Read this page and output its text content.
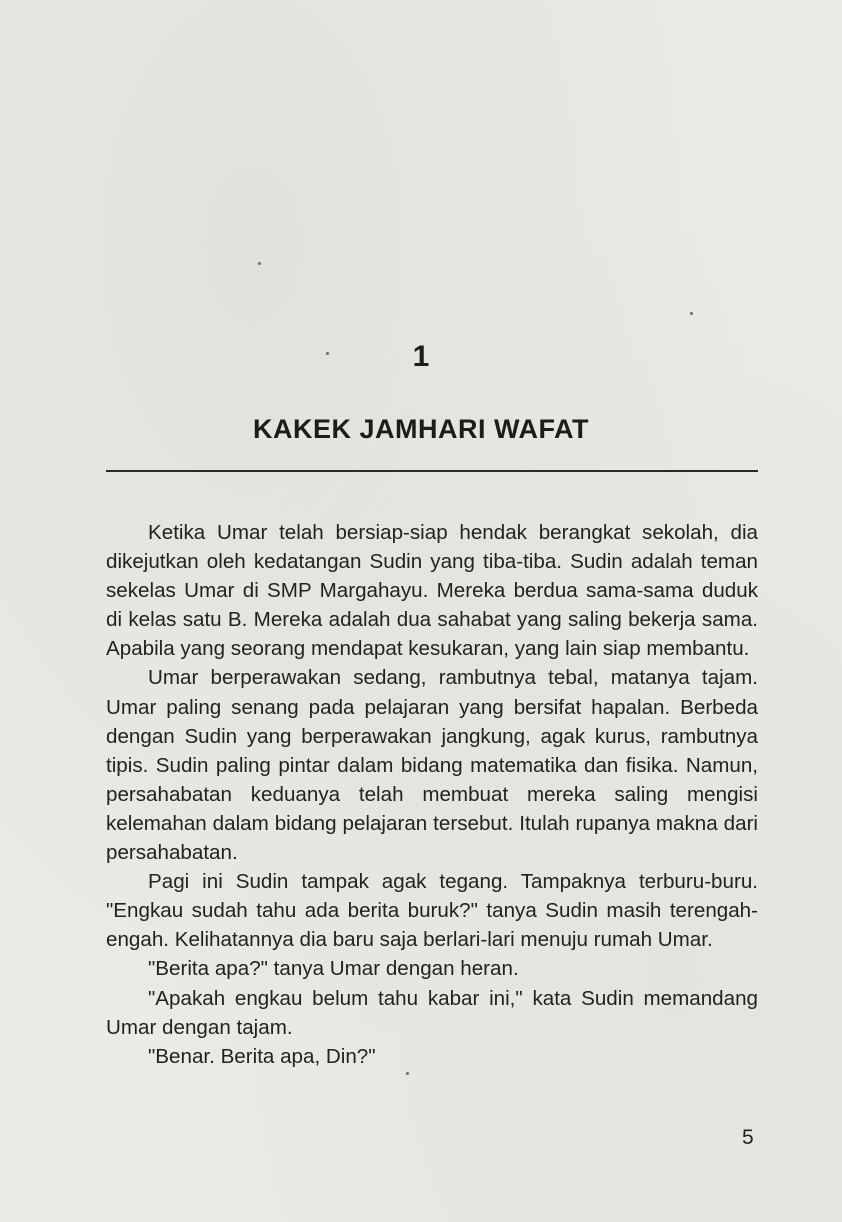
1
KAKEK JAMHARI WAFAT

Ketika Umar telah bersiap-siap hendak berangkat sekolah, dia dikejutkan oleh kedatangan Sudin yang tiba-tiba. Sudin adalah teman sekelas Umar di SMP Margahayu. Mereka berdua sama-sama duduk di kelas satu B. Mereka adalah dua sahabat yang saling bekerja sama. Apabila yang seorang mendapat kesukaran, yang lain siap membantu.

Umar berperawakan sedang, rambutnya tebal, matanya tajam. Umar paling senang pada pelajaran yang bersifat hapalan. Berbeda dengan Sudin yang berperawakan jangkung, agak kurus, rambutnya tipis. Sudin paling pintar dalam bidang matematika dan fisika. Namun, persahabatan keduanya telah membuat mereka saling mengisi kelemahan dalam bidang pelajaran tersebut. Itulah rupanya makna dari persahabatan.

Pagi ini Sudin tampak agak tegang. Tampaknya terburu-buru. "Engkau sudah tahu ada berita buruk?" tanya Sudin masih terengah-engah. Kelihatannya dia baru saja berlari-lari menuju rumah Umar.

"Berita apa?" tanya Umar dengan heran.

"Apakah engkau belum tahu kabar ini," kata Sudin memandang Umar dengan tajam.

"Benar. Berita apa, Din?"

5
